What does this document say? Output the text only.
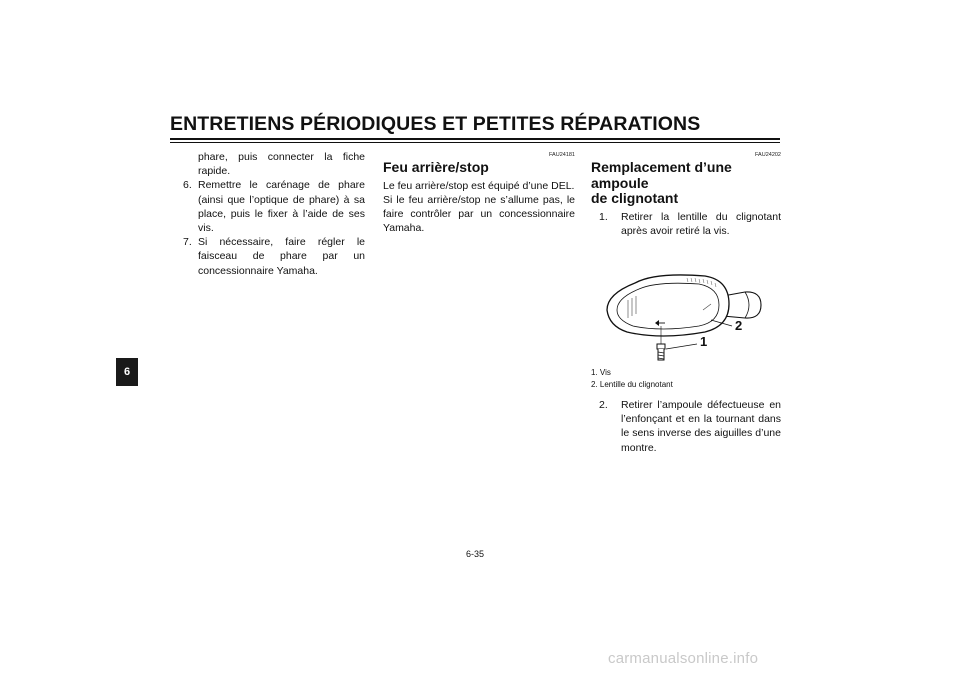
ENTRETIENS PÉRIODIQUES ET PETITES RÉPARATIONS
6
phare, puis connecter la fiche rapide.
6. Remettre le carénage de phare (ainsi que l’optique de phare) à sa place, puis le fixer à l’aide de ses vis.
7. Si nécessaire, faire régler le faisceau de phare par un concessionnaire Yamaha.
FAU24181
Feu arrière/stop
Le feu arrière/stop est équipé d’une DEL.
Si le feu arrière/stop ne s’allume pas, le faire contrôler par un concessionnaire Yamaha.
FAU24202
Remplacement d’une ampoule
de clignotant
1.	Retirer la lentille du clignotant après avoir retiré la vis.
1
2
1. Vis
2. Lentille du clignotant
2.	Retirer l’ampoule défectueuse en l’enfonçant et en la tournant dans le sens inverse des aiguilles d’une montre.
6-35
carmanualsonline.info
